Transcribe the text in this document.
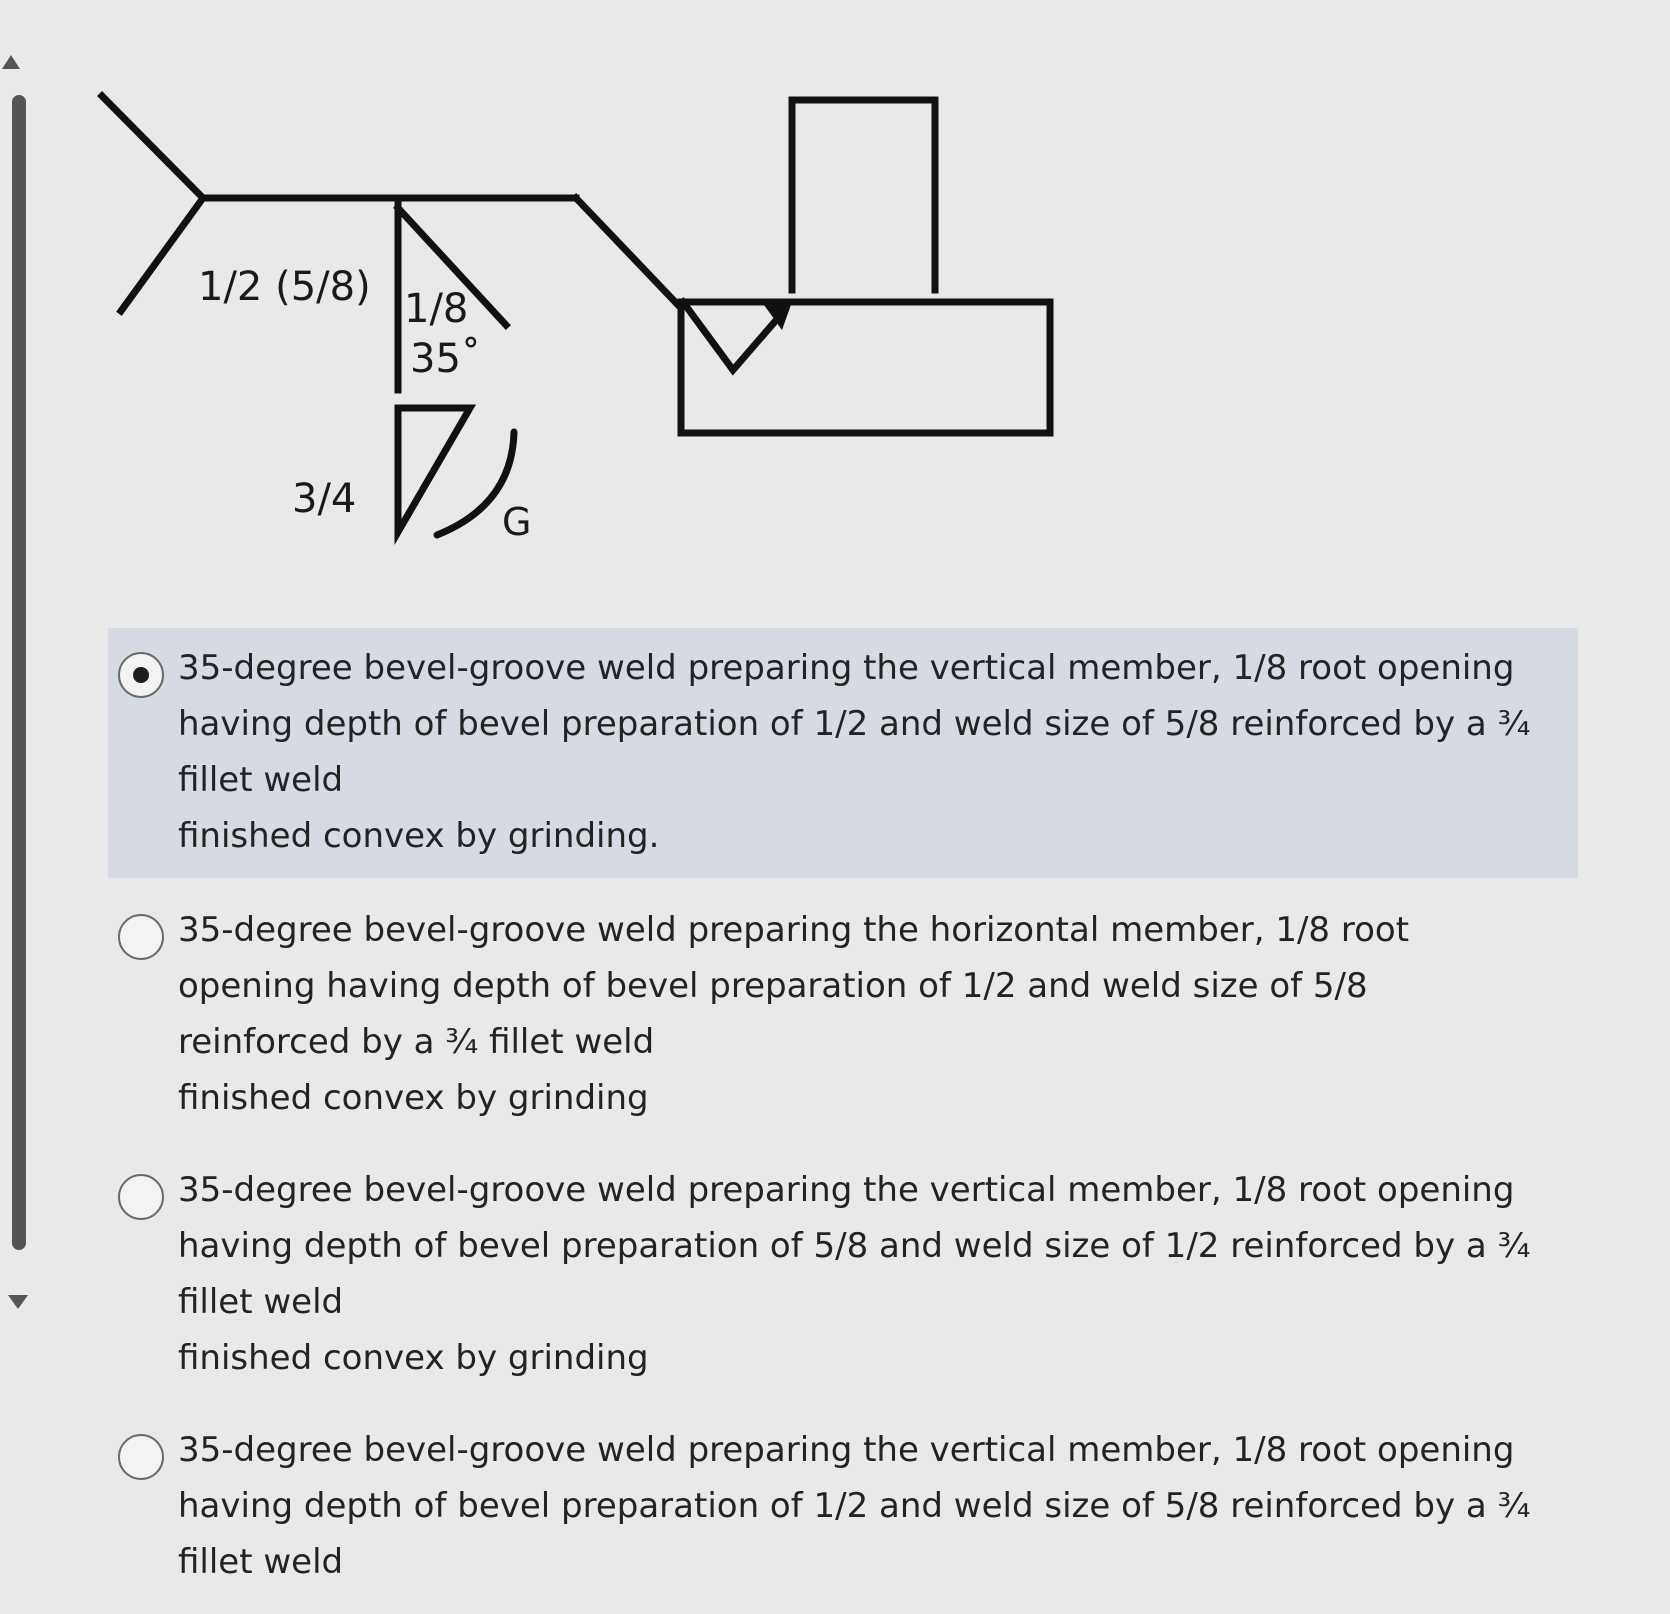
1/2 (5/8) 1/8
35˚
3/4	G
35-degree bevel-groove weld preparing the vertical member, 1/8 root opening
having depth of bevel preparation of 1/2 and weld size of 5/8 reinforced by a ¾
fillet weld
finished convex by grinding.
35-degree bevel-groove weld preparing the horizontal member, 1/8 root
opening having depth of bevel preparation of 1/2 and weld size of 5/8
reinforced by a ¾ fillet weld
finished convex by grinding
35-degree bevel-groove weld preparing the vertical member, 1/8 root opening
having depth of bevel preparation of 5/8 and weld size of 1/2 reinforced by a ¾
fillet weld
finished convex by grinding
35-degree bevel-groove weld preparing the vertical member, 1/8 root opening
having depth of bevel preparation of 1/2 and weld size of 5/8 reinforced by a ¾
fillet weld
